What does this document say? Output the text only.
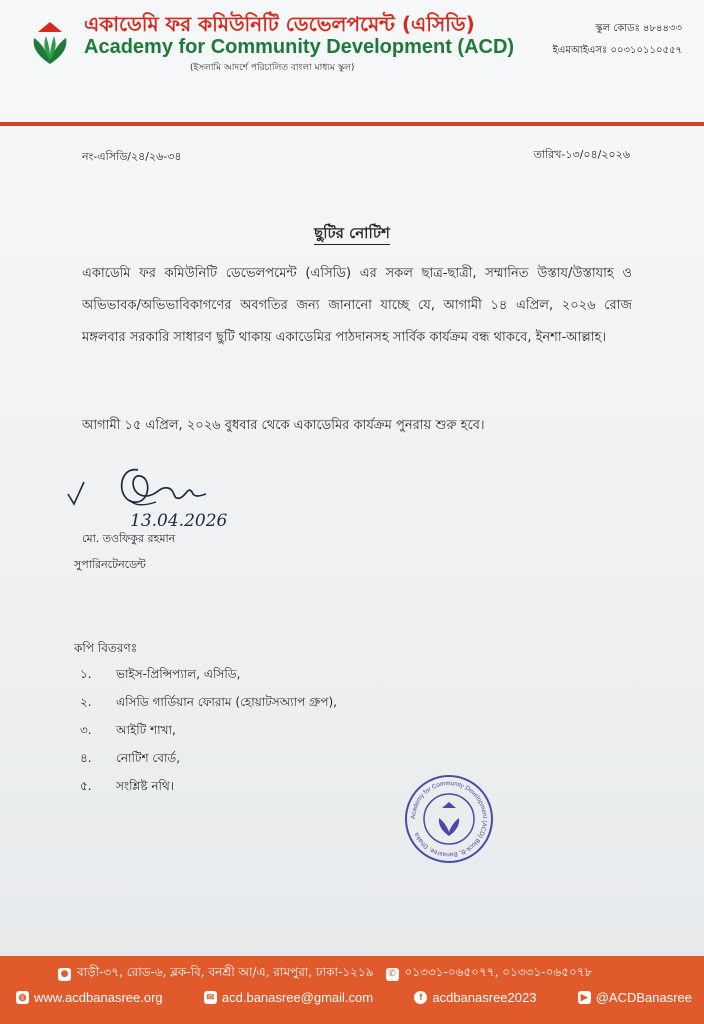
একাডেমি ফর কমিউনিটি ডেভেলপমেন্ট (এসিডি)
Academy for Community Development (ACD)
(ইসলামি আদর্শে পরিচালিত বাংলা মাধ্যম স্কুল)
স্কুল কোডঃ ৪৮৪৪৩৩
ইএমআইএসঃ ০০৩১০১১০৫৫৭
নং-এসিডি/২৪/২৬-৩৪	তারিখ-১৩/০৪/২০২৬
ছুটির নোটিশ
একাডেমি ফর কমিউনিটি ডেভেলপমেন্ট (এসিডি) এর সকল ছাত্র-ছাত্রী, সম্মানিত উস্তায/উস্তাযাহ ও অভিভাবক/অভিভাবিকাগণের অবগতির জন্য জানানো যাচ্ছে যে, আগামী ১৪ এপ্রিল, ২০২৬ রোজ মঙ্গলবার সরকারি সাধারণ ছুটি থাকায় একাডেমির পাঠদানসহ সার্বিক কার্যক্রম বন্ধ থাকবে, ইনশা-আল্লাহ।
আগামী ১৫ এপ্রিল, ২০২৬ বুধবার থেকে একাডেমির কার্যক্রম পুনরায় শুরু হবে।
13.04.2026
মো. তওফিকুর রহমান
সুপারিনটেনডেন্ট
কপি বিতরণঃ
১. ভাইস-প্রিন্সিপ্যাল, এসিডি,
২. এসিডি গার্ডিয়ান ফোরাম (হোয়াটসঅ্যাপ গ্রুপ),
৩. আইটি শাখা,
৪. নোটিশ বোর্ড,
৫. সংশ্লিষ্ট নথি।
Academy for Community Development (ACD) Block-B, Banasree, Dhaka
● বাড়ী-৩৭, রোড-৬, ব্লক-বি, বনশ্রী আ/এ, রামপুরা, ঢাকা-১২১৯	✆ ০১৩৩১-০৬৫০৭৭, ০১৩৩১-০৬৫০৭৮
◍ www.acdbanasree.org	✉ acd.banasree@gmail.com	f acdbanasree2023	▶ @ACDBanasree
